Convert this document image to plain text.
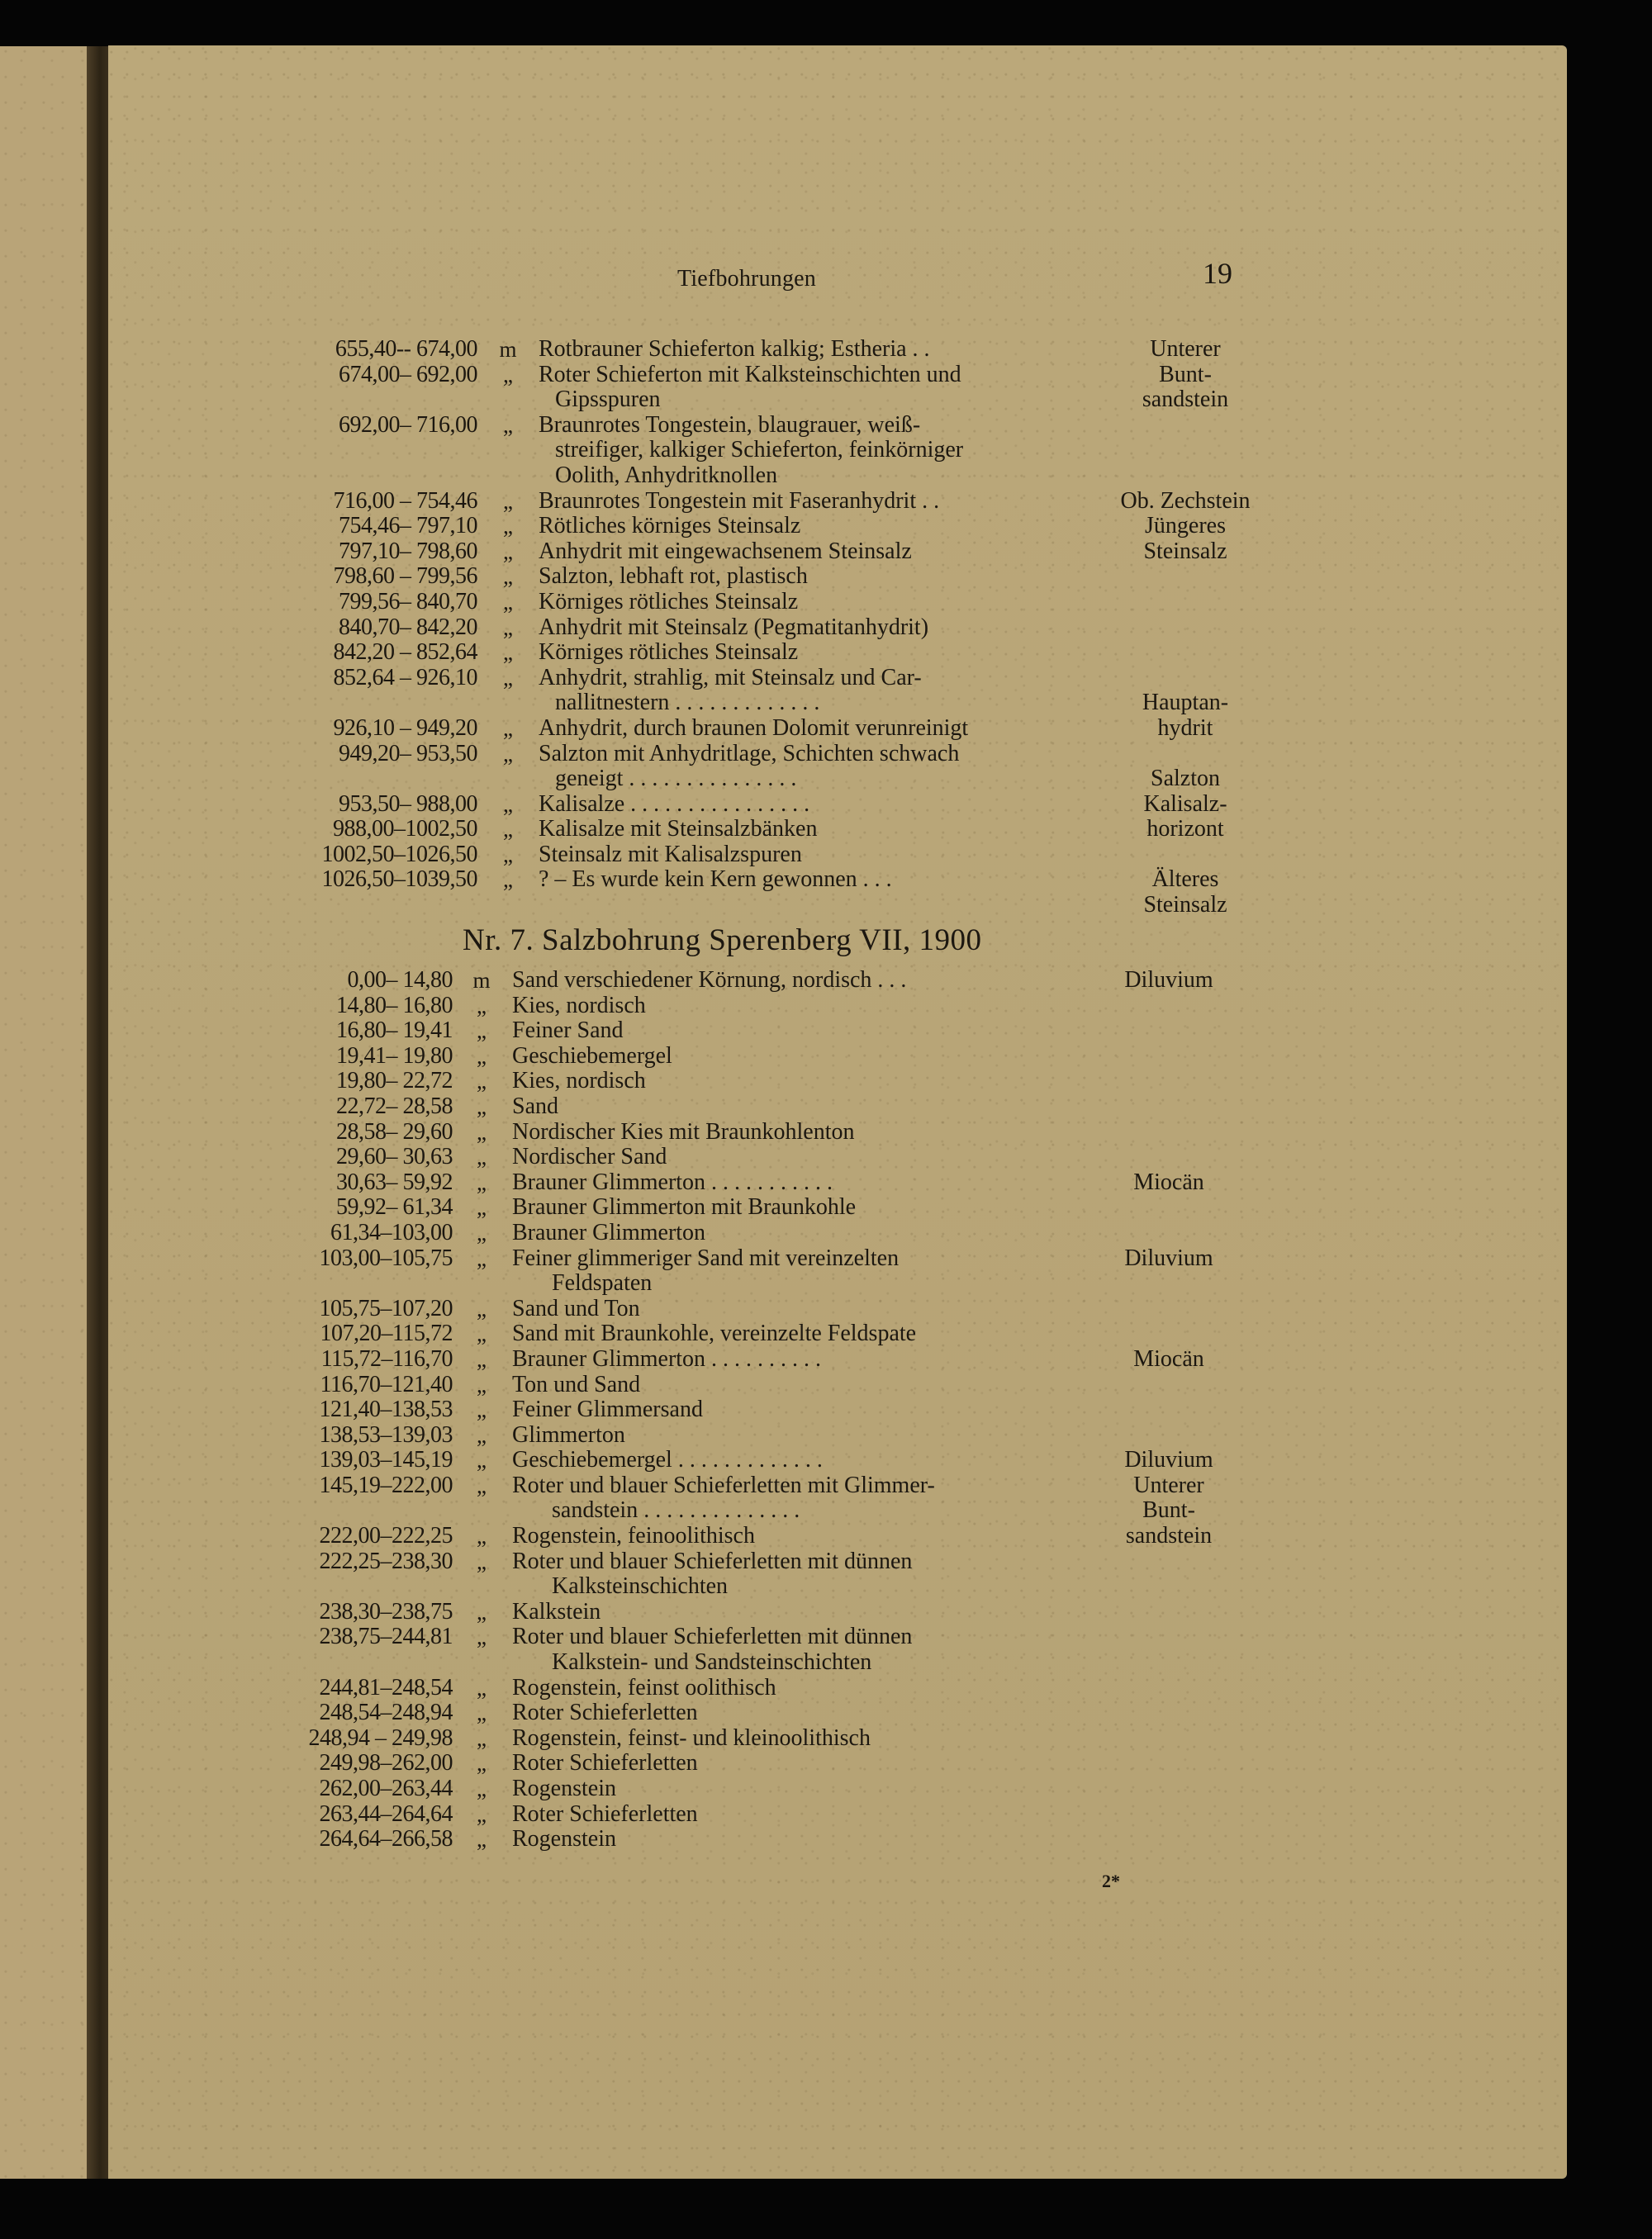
Tiefbohrungen	19
655,40-- 674,00 m Rotbrauner Schieferton kalkig; Estheria . .	Unterer
674,00– 692,00	„	Roter Schieferton mit Kalksteinschichten und	Bunt-
Gipsspuren	sandstein
692,00– 716,00	„	Braunrotes Tongestein, blaugrauer, weiß-
streifiger, kalkiger Schieferton, feinkörniger
Oolith, Anhydritknollen
716,00 – 754,46	„	Braunrotes Tongestein mit Faseranhydrit . .	Ob. Zechstein
754,46– 797,10	„	Rötliches körniges Steinsalz	Jüngeres
797,10– 798,60	„	Anhydrit mit eingewachsenem Steinsalz	Steinsalz
798,60 – 799,56	„	Salzton, lebhaft rot, plastisch
799,56– 840,70	„	Körniges rötliches Steinsalz
840,70– 842,20	„	Anhydrit mit Steinsalz (Pegmatitanhydrit)
842,20 – 852,64	„	Körniges rötliches Steinsalz
852,64 – 926,10	„	Anhydrit, strahlig, mit Steinsalz und Car-
nallitnestern . . . . . . . . . . . . .	Hauptan-
926,10 – 949,20	„	Anhydrit, durch braunen Dolomit verunreinigt	hydrit
949,20– 953,50	„	Salzton mit Anhydritlage, Schichten schwach
geneigt . . . . . . . . . . . . . . .	Salzton
953,50– 988,00	„	Kalisalze . . . . . . . . . . . . . . . .	Kalisalz-
988,00–1002,50	„	Kalisalze mit Steinsalzbänken	horizont
1002,50–1026,50	„	Steinsalz mit Kalisalzspuren
1026,50–1039,50	„	? – Es wurde kein Kern gewonnen . . .	Älteres
Steinsalz
Nr. 7. Salzbohrung Sperenberg VII, 1900
0,00– 14,80 m Sand verschiedener Körnung, nordisch . . .	Diluvium
14,80– 16,80	„	Kies, nordisch
16,80– 19,41	„	Feiner Sand
19,41– 19,80	„	Geschiebemergel
19,80– 22,72	„	Kies, nordisch
22,72– 28,58	„	Sand
28,58– 29,60	„	Nordischer Kies mit Braunkohlenton
29,60– 30,63	„	Nordischer Sand
30,63– 59,92	„	Brauner Glimmerton . . . . . . . . . . .	Miocän
59,92– 61,34	„	Brauner Glimmerton mit Braunkohle
61,34–103,00	„	Brauner Glimmerton
103,00–105,75	„	Feiner glimmeriger Sand mit vereinzelten	Diluvium
Feldspaten
105,75–107,20	„	Sand und Ton
107,20–115,72	„	Sand mit Braunkohle, vereinzelte Feldspate
115,72–116,70	„	Brauner Glimmerton . . . . . . . . . .	Miocän
116,70–121,40	„	Ton und Sand
121,40–138,53	„	Feiner Glimmersand
138,53–139,03	„	Glimmerton
139,03–145,19	„	Geschiebemergel . . . . . . . . . . . . .	Diluvium
145,19–222,00	„	Roter und blauer Schieferletten mit Glimmer-	Unterer
sandstein . . . . . . . . . . . . . .	Bunt-
222,00–222,25	„	Rogenstein, feinoolithisch	sandstein
222,25–238,30	„	Roter und blauer Schieferletten mit dünnen
Kalksteinschichten
238,30–238,75	„	Kalkstein
238,75–244,81	„	Roter und blauer Schieferletten mit dünnen
Kalkstein- und Sandsteinschichten
244,81–248,54	„	Rogenstein, feinst oolithisch
248,54–248,94	„	Roter Schieferletten
248,94 – 249,98	„	Rogenstein, feinst- und kleinoolithisch
249,98–262,00	„	Roter Schieferletten
262,00–263,44	„	Rogenstein
263,44–264,64	„	Roter Schieferletten
264,64–266,58	„	Rogenstein
2*
